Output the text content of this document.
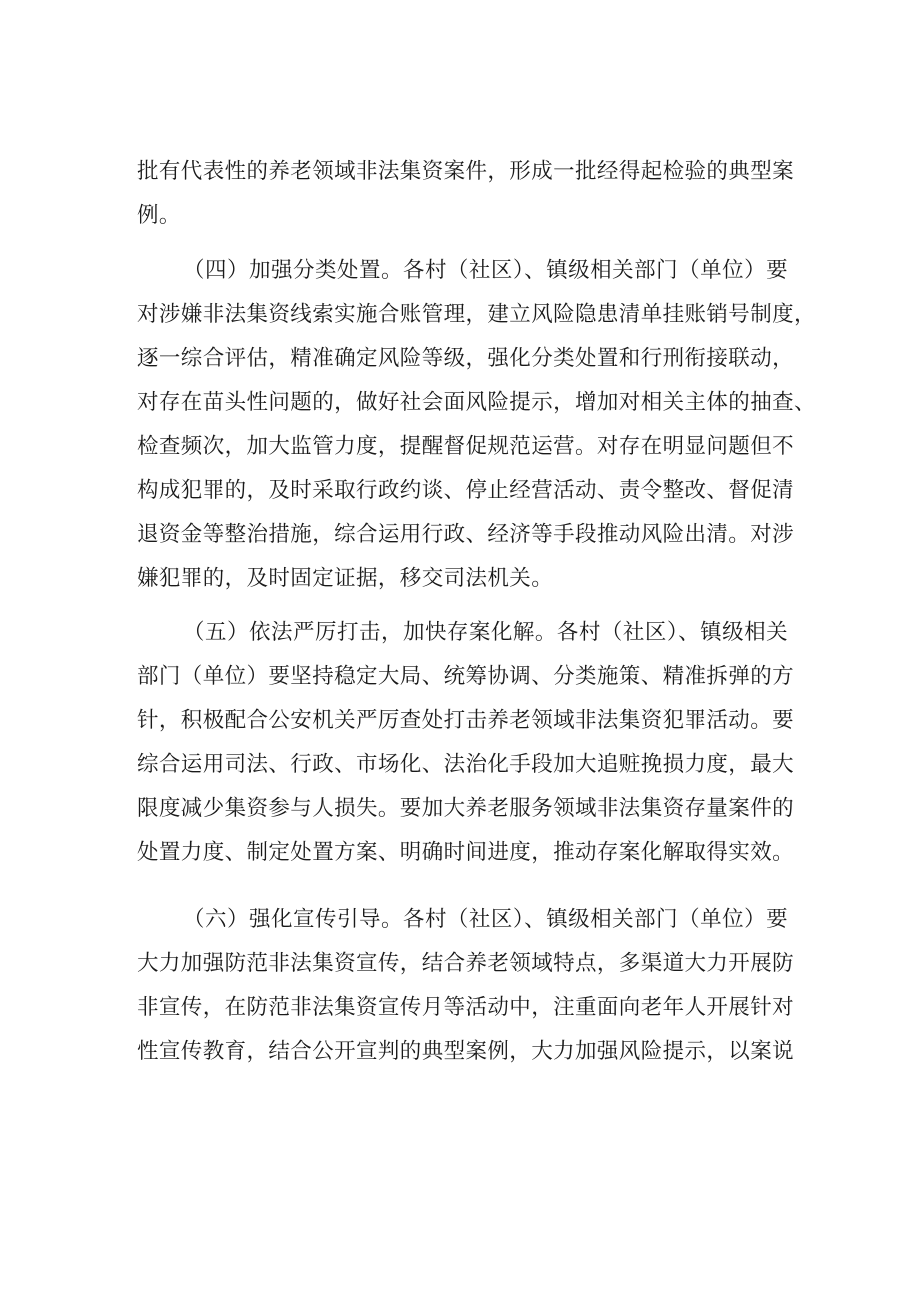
批有代表性的养老领域非法集资案件，形成一批经得起检验的典型案
例。
（四）加强分类处置。各村（社区）、镇级相关部门（单位）要
对涉嫌非法集资线索实施合账管理，建立风险隐患清单挂账销号制度，
逐一综合评估，精准确定风险等级，强化分类处置和行刑衔接联动，
对存在苗头性问题的，做好社会面风险提示，增加对相关主体的抽查、
检查频次，加大监管力度，提醒督促规范运营。对存在明显问题但不
构成犯罪的，及时采取行政约谈、停止经营活动、责令整改、督促清
退资金等整治措施，综合运用行政、经济等手段推动风险出清。对涉
嫌犯罪的，及时固定证据，移交司法机关。
（五）依法严厉打击，加快存案化解。各村（社区）、镇级相关
部门（单位）要坚持稳定大局、统筹协调、分类施策、精准拆弹的方
针，积极配合公安机关严厉查处打击养老领域非法集资犯罪活动。要
综合运用司法、行政、市场化、法治化手段加大追赃挽损力度，最大
限度减少集资参与人损失。要加大养老服务领域非法集资存量案件的
处置力度、制定处置方案、明确时间进度，推动存案化解取得实效。
（六）强化宣传引导。各村（社区）、镇级相关部门（单位）要
大力加强防范非法集资宣传，结合养老领域特点，多渠道大力开展防
非宣传，在防范非法集资宣传月等活动中，注重面向老年人开展针对
性宣传教育，结合公开宣判的典型案例，大力加强风险提示，以案说
